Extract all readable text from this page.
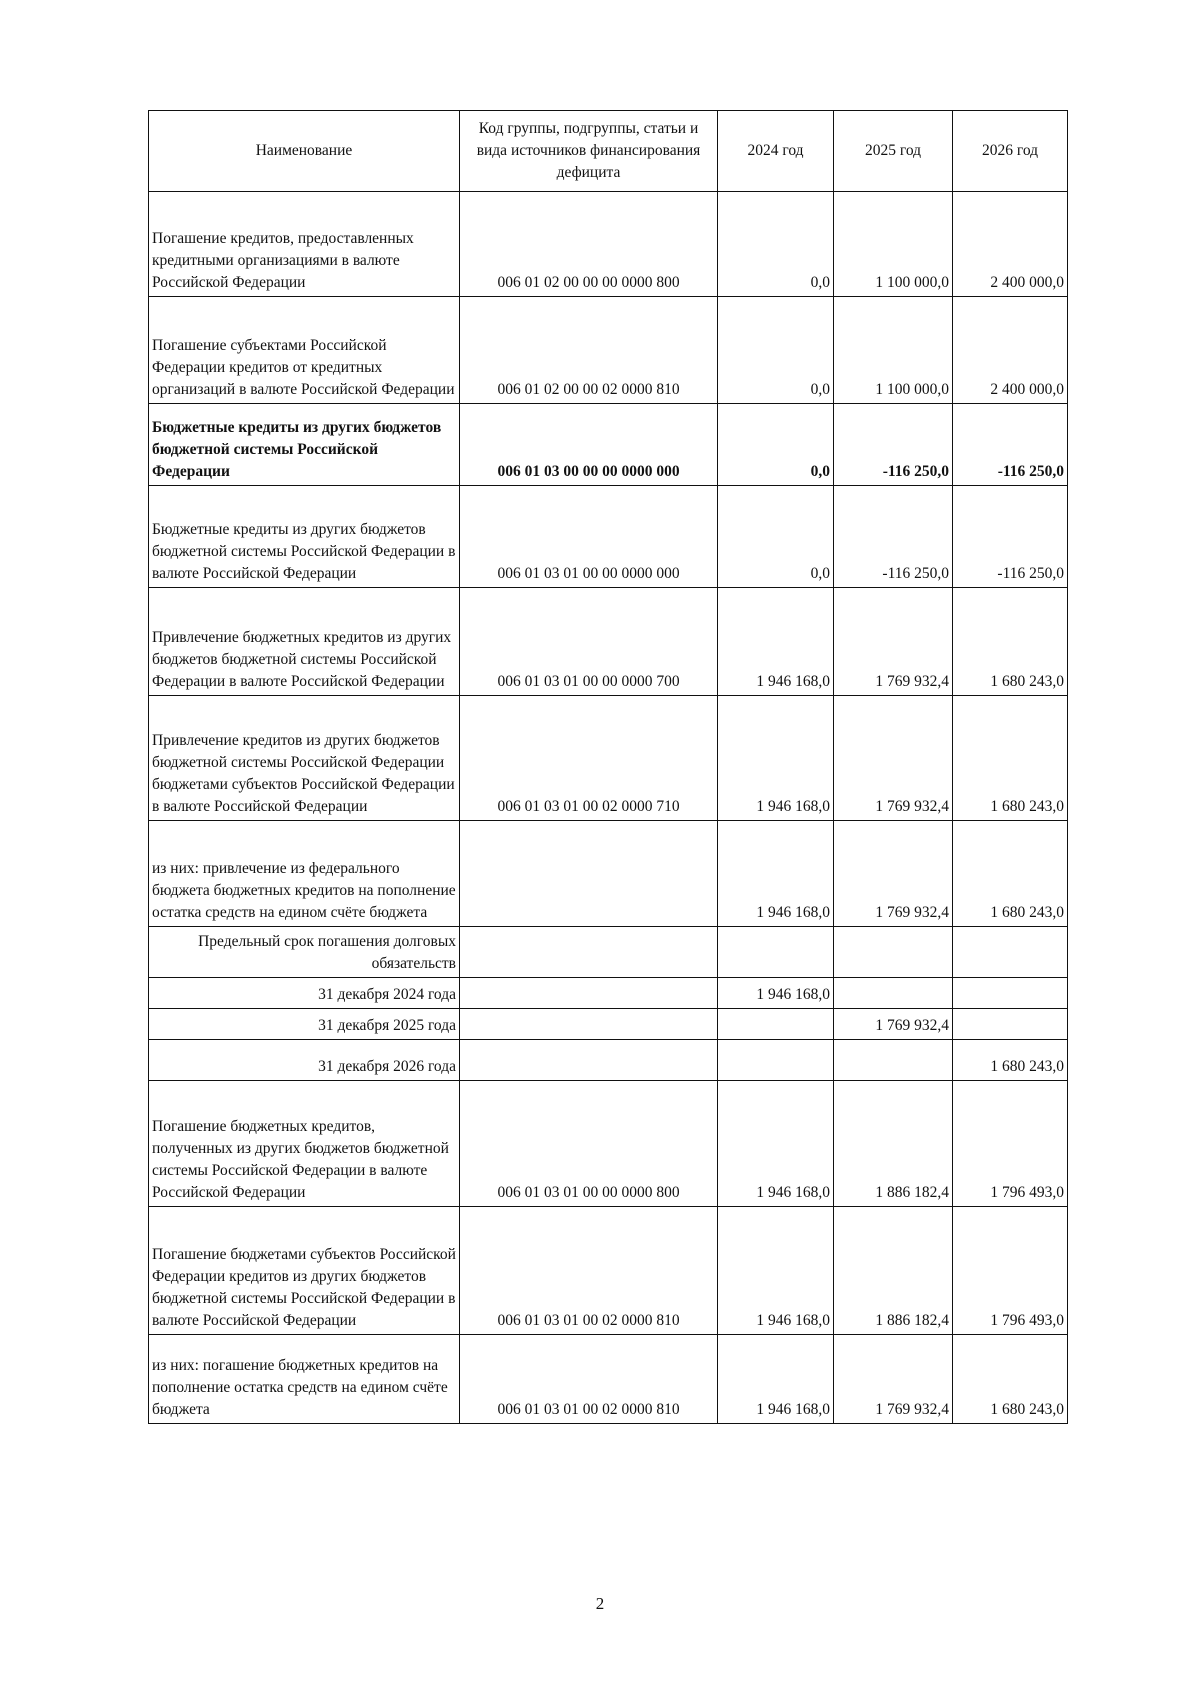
Наименование	Код группы, подгруппы, статьи и вида источников финансирования дефицита	2024 год	2025 год	2026 год
Погашение кредитов, предоставленных кредитными организациями в валюте Российской Федерации	006 01 02 00 00 00 0000 800	0,0	1 100 000,0	2 400 000,0
Погашение субъектами Российской Федерации кредитов от кредитных организаций в валюте Российской Федерации	006 01 02 00 00 02 0000 810	0,0	1 100 000,0	2 400 000,0
Бюджетные кредиты из других бюджетов бюджетной системы Российской Федерации	006 01 03 00 00 00 0000 000	0,0	-116 250,0	-116 250,0
Бюджетные кредиты из других бюджетов бюджетной системы Российской Федерации в валюте Российской Федерации	006 01 03 01 00 00 0000 000	0,0	-116 250,0	-116 250,0
Привлечение бюджетных кредитов из других бюджетов бюджетной системы Российской Федерации в валюте Российской Федерации	006 01 03 01 00 00 0000 700	1 946 168,0	1 769 932,4	1 680 243,0
Привлечение кредитов из других бюджетов бюджетной системы Российской Федерации бюджетами субъектов Российской Федерации в валюте Российской Федерации	006 01 03 01 00 02 0000 710	1 946 168,0	1 769 932,4	1 680 243,0
из них: привлечение из федерального бюджета бюджетных кредитов на пополнение остатка средств на едином счёте бюджета		1 946 168,0	1 769 932,4	1 680 243,0
Предельный срок погашения долговых обязательств				
31 декабря 2024 года		1 946 168,0		
31 декабря 2025 года			1 769 932,4	
31 декабря 2026 года				1 680 243,0
Погашение бюджетных кредитов, полученных из других бюджетов бюджетной системы Российской Федерации в валюте Российской Федерации	006 01 03 01 00 00 0000 800	1 946 168,0	1 886 182,4	1 796 493,0
Погашение бюджетами субъектов Российской Федерации кредитов из других бюджетов бюджетной системы Российской Федерации в валюте Российской Федерации	006 01 03 01 00 02 0000 810	1 946 168,0	1 886 182,4	1 796 493,0
из них: погашение бюджетных кредитов на пополнение остатка средств на едином счёте бюджета	006 01 03 01 00 02 0000 810	1 946 168,0	1 769 932,4	1 680 243,0
2
